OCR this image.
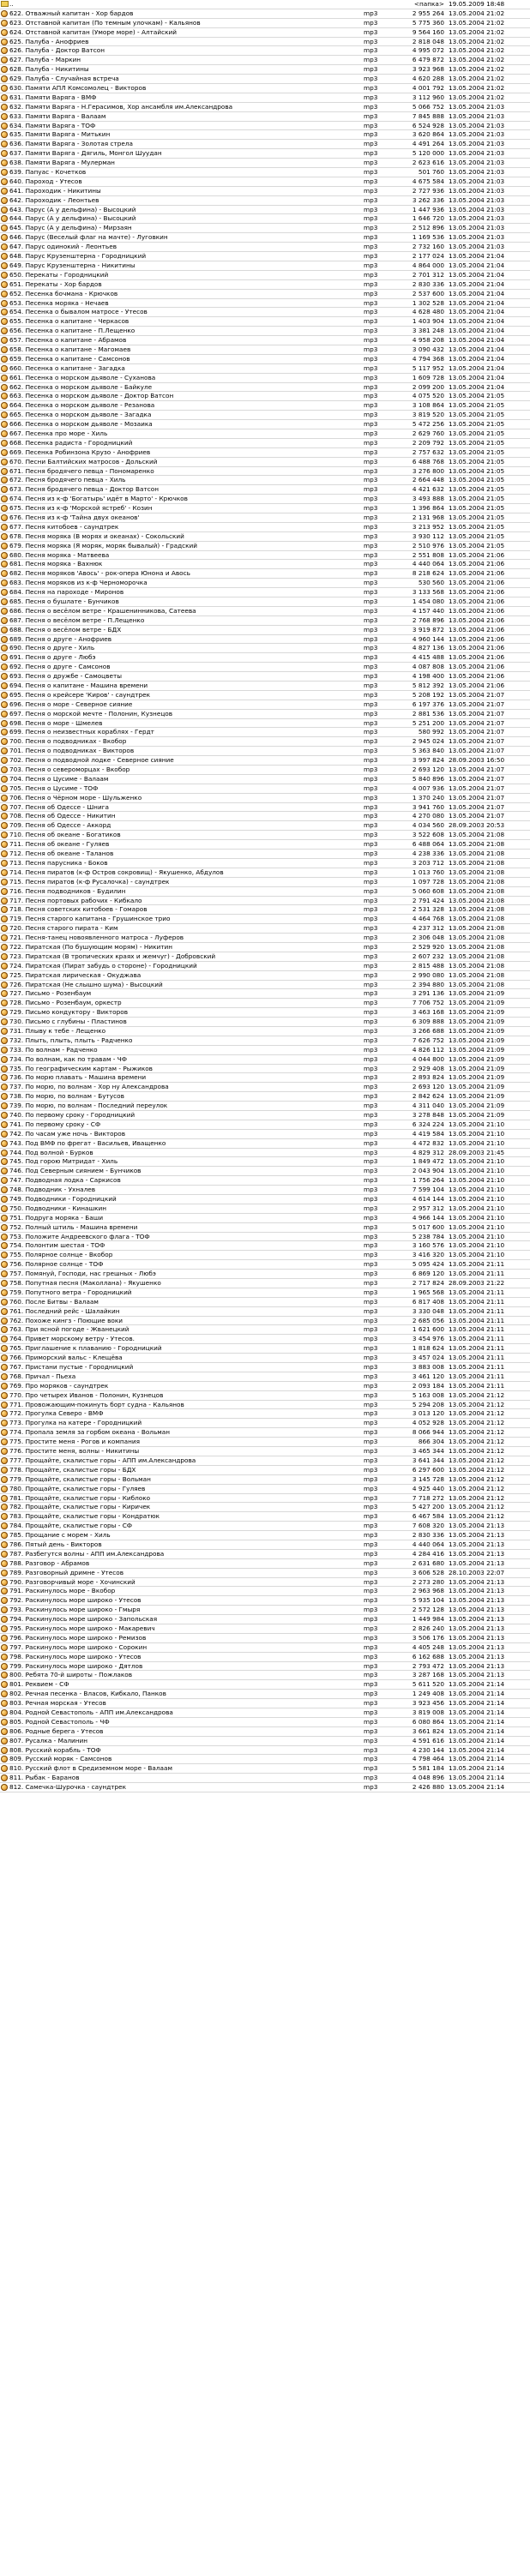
..	<папка> 19.05.2009 18:48
622. Отважный капитан - Хор бардов	mp3	2 955 264 13.05.2004 21:02
623. Отставной капитан (По темным улочкам) - Кальянов	mp3	5 775 360 13.05.2004 21:02
624. Отставной капитан (Уморе море) - Алтайский	mp3	9 564 160 13.05.2004 21:02
625. Палуба - Анофриев	mp3	2 818 048 13.05.2004 21:02
626. Палуба - Доктор Ватсон	mp3	4 995 072 13.05.2004 21:02
627. Палуба - Маркин	mp3	6 479 872 13.05.2004 21:02
628. Палуба - Никитины	mp3	3 923 968 13.05.2004 21:02
629. Палуба - Случайная встреча	mp3	4 620 288 13.05.2004 21:02
630. Памяти АПЛ Комсомолец - Викторов	mp3	4 001 792 13.05.2004 21:02
631. Памяти Варяга - ВМФ	mp3	3 112 960 13.05.2004 21:02
632. Памяти Варяга - Н.Герасимов, Хор ансамбля им.Александрова	mp3	5 066 752 13.05.2004 21:03
633. Памяти Варяга - Валаам	mp3	7 845 888 13.05.2004 21:03
634. Памяти Варяга - ТОФ	mp3	6 524 928 13.05.2004 21:03
635. Памяти Варяга - Митькин	mp3	3 620 864 13.05.2004 21:03
636. Памяти Варяга - Золотая стрела	mp3	4 491 264 13.05.2004 21:03
637. Памяти Варяга - Дягиль, Монгол Шуудан	mp3	5 120 000 13.05.2004 21:03
638. Памяти Варяга - Мулерман	mp3	2 623 616 13.05.2004 21:03
639. Папуас - Кочетков	mp3	501 760 13.05.2004 21:03
640. Пароход - Утесов	mp3	4 675 584 13.05.2004 21:03
641. Пароходик - Никитины	mp3	2 727 936 13.05.2004 21:03
642. Пароходик - Леонтьев	mp3	3 262 336 13.05.2004 21:03
643. Парус (А у дельфина) - Высоцкий	mp3	1 447 936 13.05.2004 21:03
644. Парус (А у дельфина) - Высоцкий	mp3	1 646 720 13.05.2004 21:03
645. Парус (А у дельфина) - Мирзаян	mp3	2 512 896 13.05.2004 21:03
646. Парус (Веселый флаг на мачте) - Луговкин	mp3	1 169 536 13.05.2004 21:03
647. Парус одинокий - Леонтьев	mp3	2 732 160 13.05.2004 21:03
648. Парус Крузенштерна - Городницкий	mp3	2 177 024 13.05.2004 21:04
649. Парус Крузенштерна - Никитины	mp3	4 864 000 13.05.2004 21:04
650. Перекаты - Городницкий	mp3	2 701 312 13.05.2004 21:04
651. Перекаты - Хор бардов	mp3	2 830 336 13.05.2004 21:04
652. Песенка бочмана - Крючков	mp3	2 537 600 13.05.2004 21:04
653. Песенка моряка - Нечаев	mp3	1 302 528 13.05.2004 21:04
654. Песенка о бывалом матросе - Утесов	mp3	4 628 480 13.05.2004 21:04
655. Песенка о капитане - Черкасов	mp3	1 403 904 13.05.2004 21:04
656. Песенка о капитане - П.Лещенко	mp3	3 381 248 13.05.2004 21:04
657. Песенка о капитане - Абрамов	mp3	4 958 208 13.05.2004 21:04
658. Песенка о капитане - Магомаев	mp3	3 090 432 13.05.2004 21:04
659. Песенка о капитане - Самсонов	mp3	4 794 368 13.05.2004 21:04
660. Песенка о капитане - Загадка	mp3	5 117 952 13.05.2004 21:04
661. Песенка о морском дьяволе - Суханова	mp3	1 609 728 13.05.2004 21:04
662. Песенка о морском дьяволе - Байкуле	mp3	2 099 200 13.05.2004 21:04
663. Песенка о морском дьяволе - Доктор Ватсон	mp3	4 075 520 13.05.2004 21:05
664. Песенка о морском дьяволе - Резанова	mp3	3 108 864 13.05.2004 21:05
665. Песенка о морском дьяволе - Загадка	mp3	3 819 520 13.05.2004 21:05
666. Песенка о морском дьяволе - Мозаика	mp3	5 472 256 13.05.2004 21:05
667. Песенка про море - Хиль	mp3	2 629 760 13.05.2004 21:05
668. Песенка радиста - Городницкий	mp3	2 209 792 13.05.2004 21:05
669. Песенка Робинзона Крузо - Анофриев	mp3	2 757 632 13.05.2004 21:05
670. Песни Балтийских матросов - Дольский	mp3	6 488 768 13.05.2004 21:05
671. Песня бродячего певца - Пономаренко	mp3	3 276 800 13.05.2004 21:05
672. Песня бродячего певца - Хиль	mp3	2 664 448 13.05.2004 21:05
673. Песня бродячего певца - Доктор Ватсон	mp3	4 421 632 13.05.2004 21:05
674. Песня из к-ф 'Богатырь' идёт в Марто' - Крючков	mp3	3 493 888 13.05.2004 21:05
675. Песня из к-ф 'Морской ястреб' - Козин	mp3	1 396 864 13.05.2004 21:05
676. Песня из к-ф 'Тайна двух океанов'	mp3	2 131 968 13.05.2004 21:05
677. Песня китобоев - саундтрек	mp3	3 213 952 13.05.2004 21:05
678. Песня моряка (В морях и океанах) - Сокольский	mp3	3 930 112 13.05.2004 21:05
679. Песня моряка (Я моряк, моряк бывалый) - Градский	mp3	2 510 976 13.05.2004 21:05
680. Песня моряка - Матвеева	mp3	2 551 808 13.05.2004 21:06
681. Песня моряка - Вахнюк	mp3	4 440 064 13.05.2004 21:06
682. Песня моряков 'Авось' - рок-опера Юнона и Авось	mp3	8 218 624 13.05.2004 21:06
683. Песня моряков из к-ф Черноморочка	mp3	530 560 13.05.2004 21:06
684. Песня на пароходе - Миронов	mp3	3 133 568 13.05.2004 21:06
685. Песня о бушлате - Бунчиков	mp3	1 454 080 13.05.2004 21:06
686. Песня о весёлом ветре - Крашенинникова, Сатеева	mp3	4 157 440 13.05.2004 21:06
687. Песня о весёлом ветре - П.Лещенко	mp3	2 768 896 13.05.2004 21:06
688. Песня о весёлом ветре - БДХ	mp3	3 919 872 13.05.2004 21:06
689. Песня о друге - Анофриев	mp3	4 960 144 13.05.2004 21:06
690. Песня о друге - Хиль	mp3	4 827 136 13.05.2004 21:06
691. Песня о друге - Любэ	mp3	4 415 488 13.05.2004 21:06
692. Песня о друге - Самсонов	mp3	4 087 808 13.05.2004 21:06
693. Песня о дружбе - Самоцветы	mp3	4 198 400 13.05.2004 21:06
694. Песня о капитане - Машина времени	mp3	5 812 392 13.05.2004 21:06
695. Песня о крейсере 'Киров' - саундтрек	mp3	5 208 192 13.05.2004 21:07
696. Песня о море - Северное сияние	mp3	6 197 376 13.05.2004 21:07
697. Песня о морской мечте - Полонин, Кузнецов	mp3	2 881 536 13.05.2004 21:07
698. Песня о море - Шмелев	mp3	5 251 200 13.05.2004 21:07
699. Песня о неизвестных кораблях - Гердт	mp3	580 992 13.05.2004 21:07
700. Песня о подводниках - Вкобор	mp3	2 945 024 13.05.2004 21:07
701. Песня о подводниках - Викторов	mp3	5 363 840 13.05.2004 21:07
702. Песня о подводной лодке - Северное сияние	mp3	3 997 824 28.09.2003 16:50
703. Песня о североморцах - Вкобор	mp3	2 693 120 13.05.2004 21:07
704. Песня о Цусиме - Валаам	mp3	5 840 896 13.05.2004 21:07
705. Песня о Цусиме - ТОФ	mp3	4 007 936 13.05.2004 21:07
706. Песня о Чёрном море - Шульженко	mp3	1 370 240 13.05.2004 21:07
707. Песня об Одессе - Шнига	mp3	3 941 760 13.05.2004 21:07
708. Песня об Одессе - Никитин	mp3	4 270 080 13.05.2004 21:07
709. Песня об Одессе - Аккорд	mp3	4 034 560 28.09.2003 20:53
710. Песня об океане - Богатиков	mp3	3 522 608 13.05.2004 21:08
711. Песня об океане - Гуляев	mp3	6 488 064 13.05.2004 21:08
712. Песня об океане - Таланов	mp3	4 238 336 13.05.2004 21:08
713. Песня парусника - Боков	mp3	3 203 712 13.05.2004 21:08
714. Песня пиратов (к-ф Остров сокровищ) - Якушенко, Абдулов	mp3	1 013 760 13.05.2004 21:08
715. Песня пиратов (к-ф Русалочка) - саундтрек	mp3	1 097 728 13.05.2004 21:08
716. Песня подводников - Будилин	mp3	5 060 608 13.05.2004 21:08
717. Песня портовых рабочих - Кибкало	mp3	2 791 424 13.05.2004 21:08
718. Песня советских китобоев - Гомаров	mp3	2 531 328 13.05.2004 21:08
719. Песня старого капитана - Грушинское трио	mp3	4 464 768 13.05.2004 21:08
720. Песня старого пирата - Ким	mp3	4 237 312 13.05.2004 21:08
721. Песня-танец новоявленного матроса - Луферов	mp3	2 306 048 13.05.2004 21:08
722. Пиратская (По бушующим морям) - Никитин	mp3	2 529 920 13.05.2004 21:08
723. Пиратская (В тропических краях и жемчуг) - Добровский	mp3	2 607 232 13.05.2004 21:08
724. Пиратская (Пират забудь о стороне) - Городницкий	mp3	2 815 488 13.05.2004 21:08
725. Пиратская лирическая - Окуджава	mp3	2 990 080 13.05.2004 21:08
726. Пиратская (Не слышно шума) - Высоцкий	mp3	2 394 880 13.05.2004 21:08
727. Письмо - Розенбаум	mp3	3 291 136 13.05.2004 21:09
728. Письмо - Розенбаум, оркестр	mp3	7 706 752 13.05.2004 21:09
729. Письмо кондуктору - Викторов	mp3	3 463 168 13.05.2004 21:09
730. Письмо с глубины - Пластинов	mp3	6 309 888 13.05.2004 21:09
731. Плыву к тебе - Лещенко	mp3	3 266 688 13.05.2004 21:09
732. Плыть, плыть, плыть - Радченко	mp3	7 626 752 13.05.2004 21:09
733. По волнам - Радченко	mp3	4 826 112 13.05.2004 21:09
734. По волнам, как по травам - ЧФ	mp3	4 044 800 13.05.2004 21:09
735. По географическим картам - Рыжиков	mp3	2 929 408 13.05.2004 21:09
736. По морю плавать - Машина времени	mp3	2 893 824 13.05.2004 21:09
737. По морю, по волнам - Хор ну Александрова	mp3	2 693 120 13.05.2004 21:09
738. По морю, по волнам - Бутусов	mp3	2 842 624 13.05.2004 21:09
739. По морю, по волнам - Последний переулок	mp3	4 311 040 13.05.2004 21:09
740. По первому сроку - Городницкий	mp3	3 278 848 13.05.2004 21:09
741. По первому сроку - СФ	mp3	6 324 224 13.05.2004 21:10
742. По часам уже ночь - Викторов	mp3	4 419 584 13.05.2004 21:10
743. Под ВМФ по фрегат - Васильев, Иващенко	mp3	4 472 832 13.05.2004 21:10
744. Под волной - Бурков	mp3	4 829 312 28.09.2003 21:45
745. Под горою Митридат - Хиль	mp3	1 849 472 13.05.2004 21:10
746. Под Северным сиянием - Бунчиков	mp3	2 043 904 13.05.2004 21:10
747. Подводная лодка - Саркисов	mp3	1 756 264 13.05.2004 21:10
748. Подводник - Ухналев	mp3	7 599 104 13.05.2004 21:10
749. Подводники - Городницкий	mp3	4 614 144 13.05.2004 21:10
750. Подводники - Кинашкин	mp3	2 957 312 13.05.2004 21:10
751. Подруга моряка - Баши	mp3	4 966 144 13.05.2004 21:10
752. Полный штиль - Машина времени	mp3	5 017 600 13.05.2004 21:10
753. Положите Андреевского флага - ТОФ	mp3	5 238 784 13.05.2004 21:10
754. Полонтим шестая - ТОФ	mp3	3 160 576 13.05.2004 21:10
755. Полярное солнце - Вкобор	mp3	3 416 320 13.05.2004 21:10
756. Полярное солнце - ТОФ	mp3	5 095 424 13.05.2004 21:11
757. Помянуй, Господи, нас грешных - Любэ	mp3	6 869 120 13.05.2004 21:11
758. Попутная песня (Маколлана) - Якушенко	mp3	2 717 824 28.09.2003 21:22
759. Попутного ветра - Городницкий	mp3	1 965 568 13.05.2004 21:11
760. После Битвы - Валаам	mp3	6 817 408 13.05.2004 21:11
761. Последний рейс - Шалайкин	mp3	3 330 048 13.05.2004 21:11
762. Похоже кингз - Поющие воки	mp3	2 685 056 13.05.2004 21:11
763. При ясной погоде - Жванецкий	mp3	1 621 600 13.05.2004 21:11
764. Привет морскому ветру - Утесов.	mp3	3 454 976 13.05.2004 21:11
765. Приглашение к плаванию - Городницкий	mp3	1 818 624 13.05.2004 21:11
766. Приморский вальс - Клещёва	mp3	3 457 024 13.05.2004 21:11
767. Пристани пустые - Городницкий	mp3	3 883 008 13.05.2004 21:11
768. Причал - Пьеха	mp3	3 461 120 13.05.2004 21:11
769. Про моряков - саундтрек	mp3	2 093 184 13.05.2004 21:11
770. Про четырех Иванов - Полонин, Кузнецов	mp3	5 163 008 13.05.2004 21:12
771. Провожающим-покинуть борт судна - Кальянов	mp3	5 294 208 13.05.2004 21:12
772. Прогулка Северо - ВМФ	mp3	3 013 120 13.05.2004 21:12
773. Прогулка на катере - Городницкий	mp3	4 052 928 13.05.2004 21:12
774. Пропала земля за горбом океана - Вольман	mp3	8 066 944 13.05.2004 21:12
775. Простите меня - Рогов и компания	mp3	866 304 13.05.2004 21:12
776. Простите меня, волны - Никитины	mp3	3 465 344 13.05.2004 21:12
777. Прощайте, скалистые горы - АПП им.Александрова	mp3	3 641 344 13.05.2004 21:12
778. Прощайте, скалистые горы - БДХ	mp3	6 297 600 13.05.2004 21:12
779. Прощайте, скалистые горы - Вольман	mp3	3 145 728 13.05.2004 21:12
780. Прощайте, скалистые горы - Гуляев	mp3	4 925 440 13.05.2004 21:12
781. Прощайте, скалистые горы - Киблоко	mp3	7 718 272 13.05.2004 21:12
782. Прощайте, скалистые горы - Киричек	mp3	5 427 200 13.05.2004 21:12
783. Прощайте, скалистые горы - Кондратюк	mp3	6 467 584 13.05.2004 21:12
784. Прощайте, скалистые горы - СФ	mp3	7 608 320 13.05.2004 21:13
785. Прощание с морем - Хиль	mp3	2 830 336 13.05.2004 21:13
786. Пятый день - Викторов	mp3	4 440 064 13.05.2004 21:13
787. Разбегутся волны - АПП им.Александрова	mp3	4 284 416 13.05.2004 21:13
788. Разговор - Абрамов	mp3	2 631 680 13.05.2004 21:13
789. Разговорный дримне - Утесов	mp3	3 606 528 28.10.2003 22:07
790. Разговорчивый море - Хочинский	mp3	2 273 280 13.05.2004 21:13
791. Раскинулось море - Вкобор	mp3	2 963 968 13.05.2004 21:13
792. Раскинулось море широко - Утесов	mp3	5 935 104 13.05.2004 21:13
793. Раскинулось море широко - Гмыря	mp3	2 572 128 13.05.2004 21:13
794. Раскинулось море широко - Запольская	mp3	1 449 984 13.05.2004 21:13
795. Раскинулось море широко - Макаревич	mp3	2 826 240 13.05.2004 21:13
796. Раскинулось море широко - Ремизов	mp3	3 506 176 13.05.2004 21:13
797. Раскинулось море широко - Сорокин	mp3	4 405 248 13.05.2004 21:13
798. Раскинулось море широко - Утесов	mp3	6 162 688 13.05.2004 21:13
799. Раскинулось море широко - Дятлов	mp3	2 793 472 13.05.2004 21:13
800. Ребята 70-й широты - Пожлаков	mp3	3 287 168 13.05.2004 21:13
801. Реквием - СФ	mp3	5 611 520 13.05.2004 21:14
802. Речная песенка - Власов, Кибкало, Панков	mp3	1 249 408 13.05.2004 21:14
803. Речная морская - Утесов	mp3	3 923 456 13.05.2004 21:14
804. Родной Севастополь - АПП им.Александрова	mp3	3 819 008 13.05.2004 21:14
805. Родной Севастополь - ЧФ	mp3	6 080 864 13.05.2004 21:14
806. Родные берега - Утесов	mp3	3 661 824 13.05.2004 21:14
807. Русалка - Малинин	mp3	4 591 616 13.05.2004 21:14
808. Русский корабль - ТОФ	mp3	4 230 144 13.05.2004 21:14
809. Русский моряк - Самсонов	mp3	4 798 464 13.05.2004 21:14
810. Русский флот в Средиземном море - Валаам	mp3	5 581 184 13.05.2004 21:14
811. Рыбак - Баранов	mp3	4 048 896 13.05.2004 21:14
812. Самечка-Шурочка - саундтрек	mp3	2 426 880 13.05.2004 21:14
